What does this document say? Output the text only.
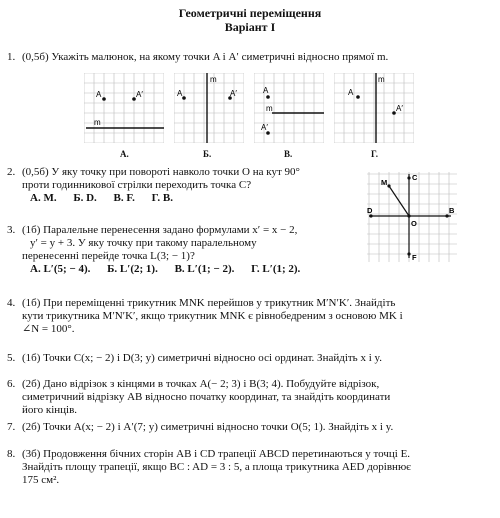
Геометричні переміщення
Варіант І
1. (0,5б) Укажіть малюнок, на якому точки A і A′ симетричні відносно прямої m.
A	A′
m
A	A′
m
A
A′
m
A
A′
m
А.	Б.	В.	Г.
2. (0,5б) У яку точку при повороті навколо точки O на кут 90°
проти годинникової стрілки переходить точка C?
А. M. Б. D. В. F. Г. B.
M
C
D
O
B
F
3. (1б) Паралельне перенесення задано формулами x′ = x − 2,
y′ = y + 3. У яку точку при такому паралельному
перенесенні перейде точка L(3; − 1)?
А. L′(5; − 4). Б. L′(2; 1). В. L′(1; − 2). Г. L′(1; 2).
4. (1б) При переміщенні трикутник MNK перейшов у трикутник M′N′K′. Знайдіть
кути трикутника M′N′K′, якщо трикутник MNK є рівнобедреним з основою MK і
∠N = 100°.
5. (1б) Точки C(x; − 2) і D(3; y) симетричні відносно осі ординат. Знайдіть x і y.
6. (2б) Дано відрізок з кінцями в точках A(− 2; 3) і B(3; 4). Побудуйте відрізок,
симетричний відрізку AB відносно початку координат, та знайдіть координати
його кінців.
7. (2б) Точки A(x; − 2) і A′(7; y) симетричні відносно точки O(5; 1). Знайдіть x і y.
8. (3б) Продовження бічних сторін AB і CD трапеції ABCD перетинаються у точці Е.
Знайдіть площу трапеції, якщо BC : AD = 3 : 5, а площа трикутника AED дорівнює
175 см².
